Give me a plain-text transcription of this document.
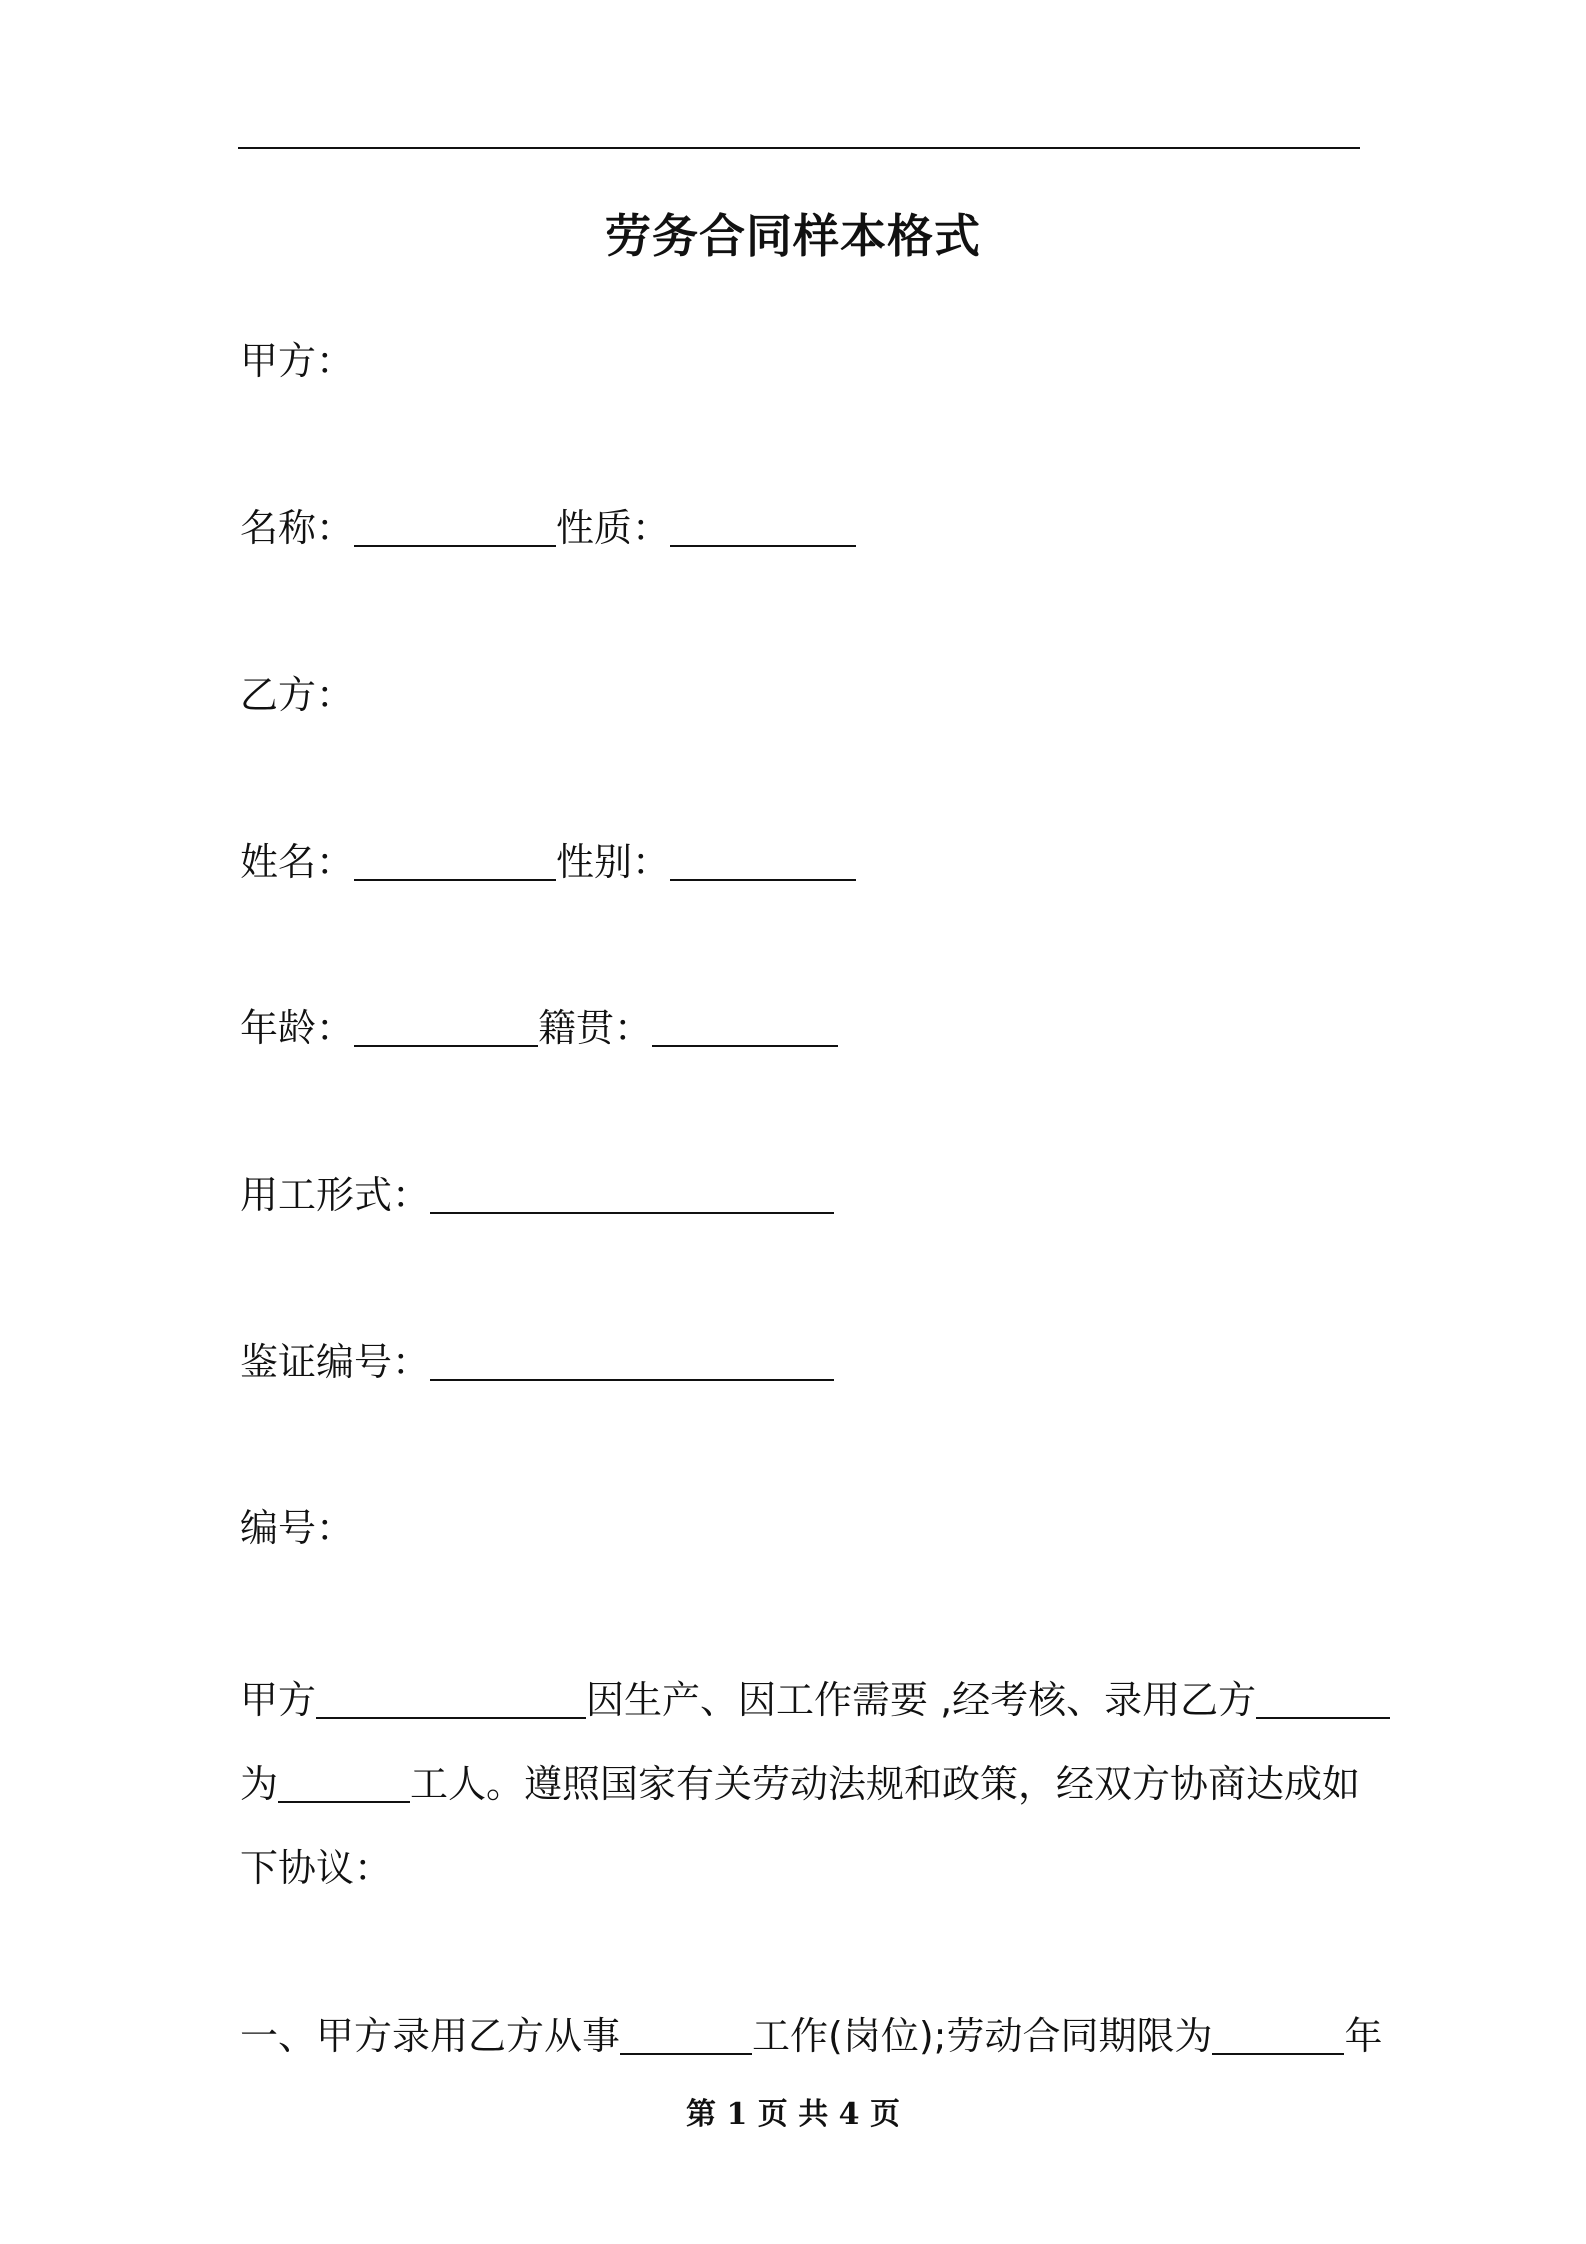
劳务合同样本格式
甲方：
名称：	性质：
乙方：
姓名：	性别：
年龄：	籍贯：
用工形式：
鉴证编号：
编号：
甲方	因生产、因工作需要 ,经考核、录用乙方
为	工人。遵照国家有关劳动法规和政策，经双方协商达成如
下协议：
一、甲方录用乙方从事	工作(岗位);劳动合同期限为	年
第 1 页 共 4 页
